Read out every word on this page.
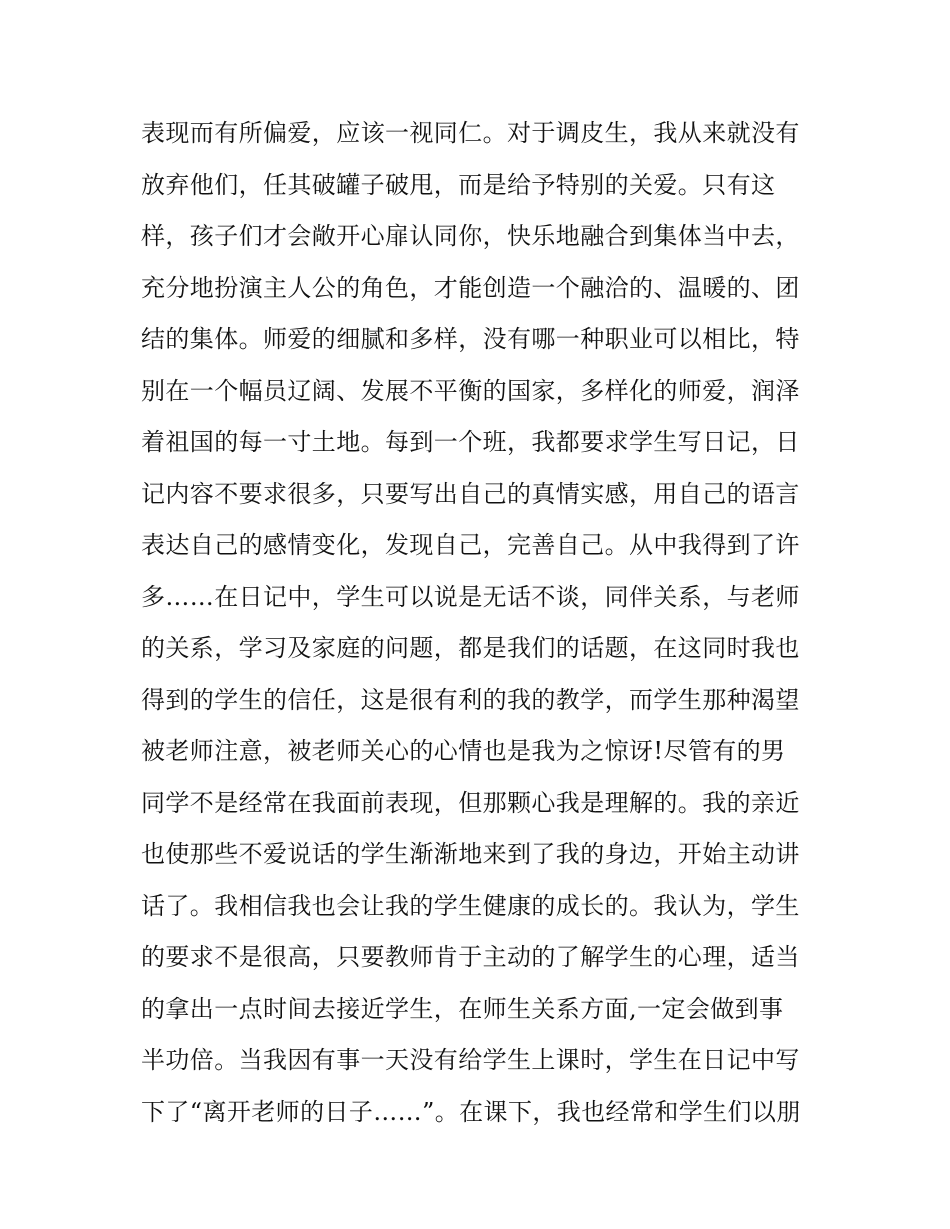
表现而有所偏爱，应该一视同仁。对于调皮生，我从来就没有
放弃他们，任其破罐子破甩，而是给予特别的关爱。只有这
样，孩子们才会敞开心扉认同你，快乐地融合到集体当中去，
充分地扮演主人公的角色，才能创造一个融洽的、温暖的、团
结的集体。师爱的细腻和多样，没有哪一种职业可以相比，特
别在一个幅员辽阔、发展不平衡的国家，多样化的师爱，润泽
着祖国的每一寸土地。每到一个班，我都要求学生写日记，日
记内容不要求很多，只要写出自己的真情实感，用自己的语言
表达自己的感情变化，发现自己，完善自己。从中我得到了许
多……在日记中，学生可以说是无话不谈，同伴关系，与老师
的关系，学习及家庭的问题，都是我们的话题，在这同时我也
得到的学生的信任，这是很有利的我的教学，而学生那种渴望
被老师注意，被老师关心的心情也是我为之惊讶!尽管有的男
同学不是经常在我面前表现，但那颗心我是理解的。我的亲近
也使那些不爱说话的学生渐渐地来到了我的身边，开始主动讲
话了。我相信我也会让我的学生健康的成长的。我认为，学生
的要求不是很高，只要教师肯于主动的了解学生的心理，适当
的拿出一点时间去接近学生，在师生关系方面,一定会做到事
半功倍。当我因有事一天没有给学生上课时，学生在日记中写
下了“离开老师的日子……”。在课下，我也经常和学生们以朋
